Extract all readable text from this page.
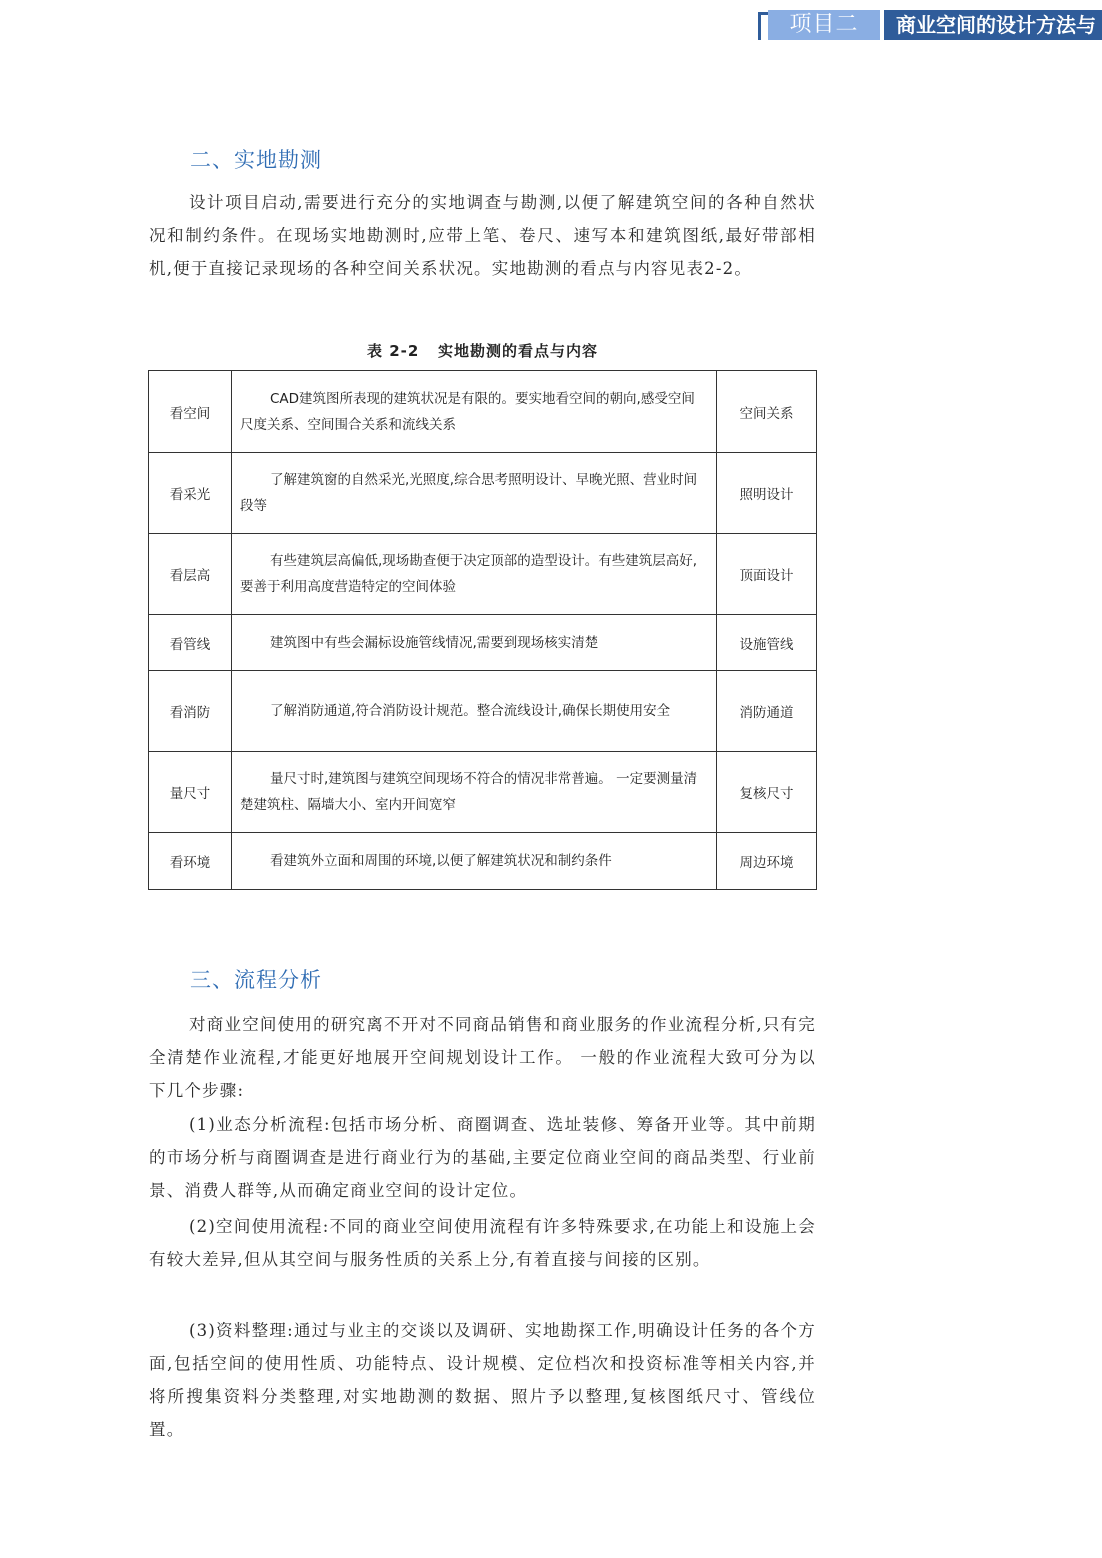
项目二	商业空间的设计方法与
二、实地勘测

设计项目启动,需要进行充分的实地调查与勘测,以便了解建筑空间的各种自然状况和制约条件。在现场实地勘测时,应带上笔、卷尺、速写本和建筑图纸,最好带部相机,便于直接记录现场的各种空间关系状况。实地勘测的看点与内容见表2-2。

表 2-2   实地勘测的看点与内容
看空间	CAD建筑图所表现的建筑状况是有限的。要实地看空间的朝向,感受空间尺度关系、空间围合关系和流线关系	空间关系
看采光	了解建筑窗的自然采光,光照度,综合思考照明设计、早晚光照、营业时间段等	照明设计
看层高	有些建筑层高偏低,现场勘查便于决定顶部的造型设计。有些建筑层高好,要善于利用高度营造特定的空间体验	顶面设计
看管线	建筑图中有些会漏标设施管线情况,需要到现场核实清楚	设施管线
看消防	了解消防通道,符合消防设计规范。整合流线设计,确保长期使用安全	消防通道
量尺寸	量尺寸时,建筑图与建筑空间现场不符合的情况非常普遍。 一定要测量清楚建筑柱、隔墙大小、室内开间宽窄	复核尺寸
看环境	看建筑外立面和周围的环境,以便了解建筑状况和制约条件	周边环境
三、流程分析

对商业空间使用的研究离不开对不同商品销售和商业服务的作业流程分析,只有完全清楚作业流程,才能更好地展开空间规划设计工作。 一般的作业流程大致可分为以下几个步骤:

(1)业态分析流程:包括市场分析、商圈调查、选址装修、筹备开业等。其中前期的市场分析与商圈调查是进行商业行为的基础,主要定位商业空间的商品类型、行业前景、消费人群等,从而确定商业空间的设计定位。

(2)空间使用流程:不同的商业空间使用流程有许多特殊要求,在功能上和设施上会有较大差异,但从其空间与服务性质的关系上分,有着直接与间接的区别。

(3)资料整理:通过与业主的交谈以及调研、实地勘探工作,明确设计任务的各个方面,包括空间的使用性质、功能特点、设计规模、定位档次和投资标准等相关内容,并将所搜集资料分类整理,对实地勘测的数据、照片予以整理,复核图纸尺寸、管线位置。
